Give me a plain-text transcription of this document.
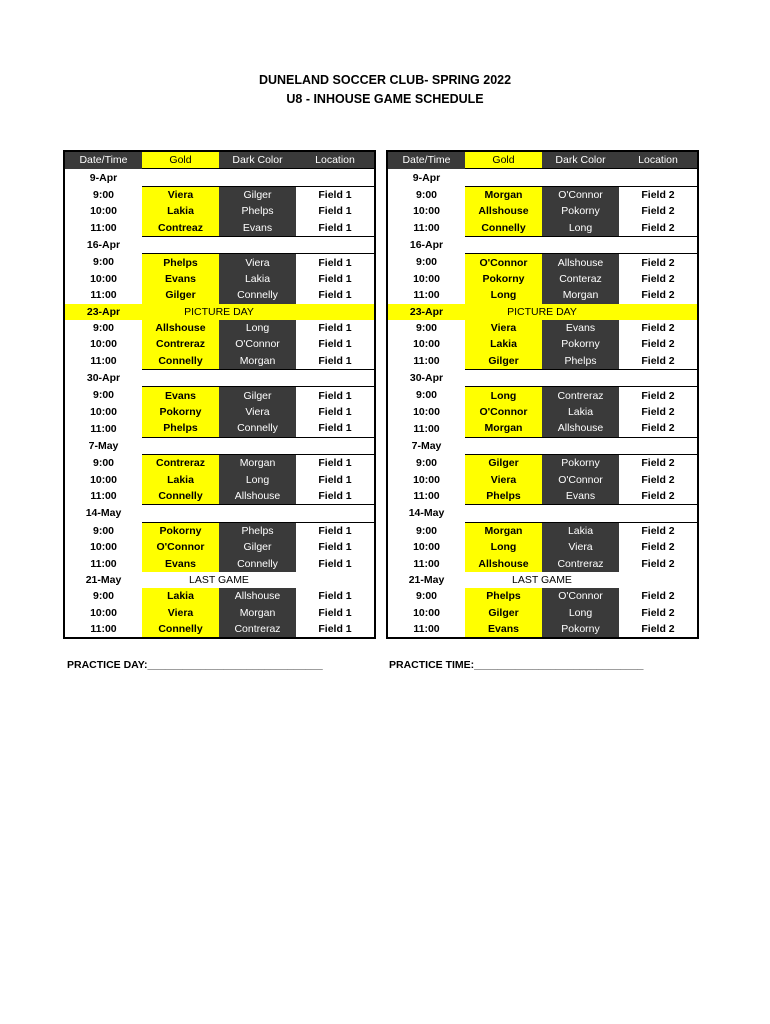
DUNELAND SOCCER CLUB- SPRING 2022
U8 - INHOUSE GAME SCHEDULE
Date/Time	Gold	Dark Color	Location
9-Apr			
9:00	Viera	Gilger	Field 1
10:00	Lakia	Phelps	Field 1
11:00	Contreaz	Evans	Field 1
16-Apr			
9:00	Phelps	Viera	Field 1
10:00	Evans	Lakia	Field 1
11:00	Gilger	Connelly	Field 1
23-Apr	PICTURE DAY		
9:00	Allshouse	Long	Field 1
10:00	Contreraz	O'Connor	Field 1
11:00	Connelly	Morgan	Field 1
30-Apr			
9:00	Evans	Gilger	Field 1
10:00	Pokorny	Viera	Field 1
11:00	Phelps	Connelly	Field 1
7-May			
9:00	Contreraz	Morgan	Field 1
10:00	Lakia	Long	Field 1
11:00	Connelly	Allshouse	Field 1
14-May			
9:00	Pokorny	Phelps	Field 1
10:00	O'Connor	Gilger	Field 1
11:00	Evans	Connelly	Field 1
21-May	LAST GAME		
9:00	Lakia	Allshouse	Field 1
10:00	Viera	Morgan	Field 1
11:00	Connelly	Contreraz	Field 1
Date/Time	Gold	Dark Color	Location
9-Apr			
9:00	Morgan	O'Connor	Field 2
10:00	Allshouse	Pokorny	Field 2
11:00	Connelly	Long	Field 2
16-Apr			
9:00	O'Connor	Allshouse	Field 2
10:00	Pokorny	Conteraz	Field 2
11:00	Long	Morgan	Field 2
23-Apr	PICTURE DAY		
9:00	Viera	Evans	Field 2
10:00	Lakia	Pokorny	Field 2
11:00	Gilger	Phelps	Field 2
30-Apr			
9:00	Long	Contreraz	Field 2
10:00	O'Connor	Lakia	Field 2
11:00	Morgan	Allshouse	Field 2
7-May			
9:00	Gilger	Pokorny	Field 2
10:00	Viera	O'Connor	Field 2
11:00	Phelps	Evans	Field 2
14-May			
9:00	Morgan	Lakia	Field 2
10:00	Long	Viera	Field 2
11:00	Allshouse	Contreraz	Field 2
21-May	LAST GAME		
9:00	Phelps	O'Connor	Field 2
10:00	Gilger	Long	Field 2
11:00	Evans	Pokorny	Field 2
PRACTICE DAY:______________________________	PRACTICE TIME:_____________________________
